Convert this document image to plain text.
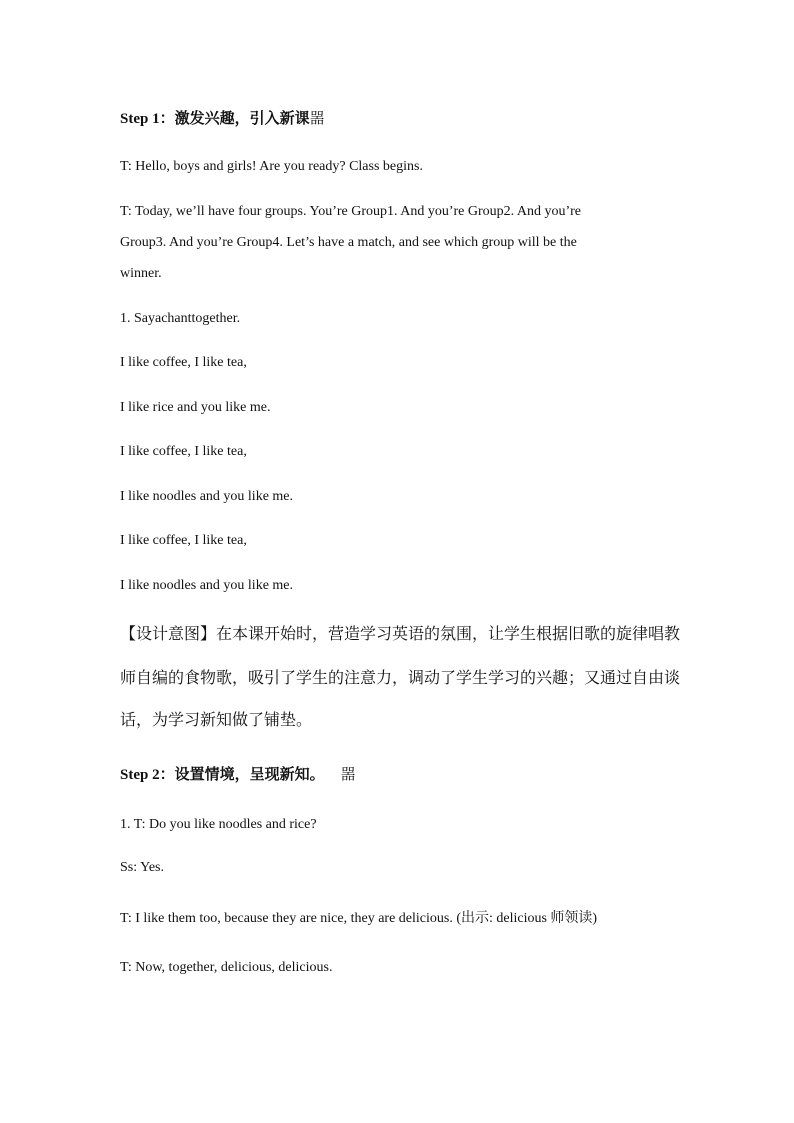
Step 1：激发兴趣，引入新课噐
T: Hello, boys and girls! Are you ready? Class begins.
T: Today, we’ll have four groups. You’re Group1. And you’re Group2. And you’re
Group3. And you’re Group4. Let’s have a match, and see which group will be the
winner.
1. Sayachanttogether.
I like coffee, I like tea,
I like rice and you like me.
I like coffee, I like tea,
I like noodles and you like me.
I like coffee, I like tea,
I like noodles and you like me.
【设计意图】在本课开始时，营造学习英语的氛围，让学生根据旧歌的旋律唱教
师自编的食物歌，吸引了学生的注意力，调动了学生学习的兴趣；又通过自由谈
话，为学习新知做了铺垫。
Step 2：设置情境，呈现新知。 噐
1. T: Do you like noodles and rice?
Ss: Yes.
T: I like them too, because they are nice, they are delicious. (出示: delicious 师领读)
T: Now, together, delicious, delicious.
